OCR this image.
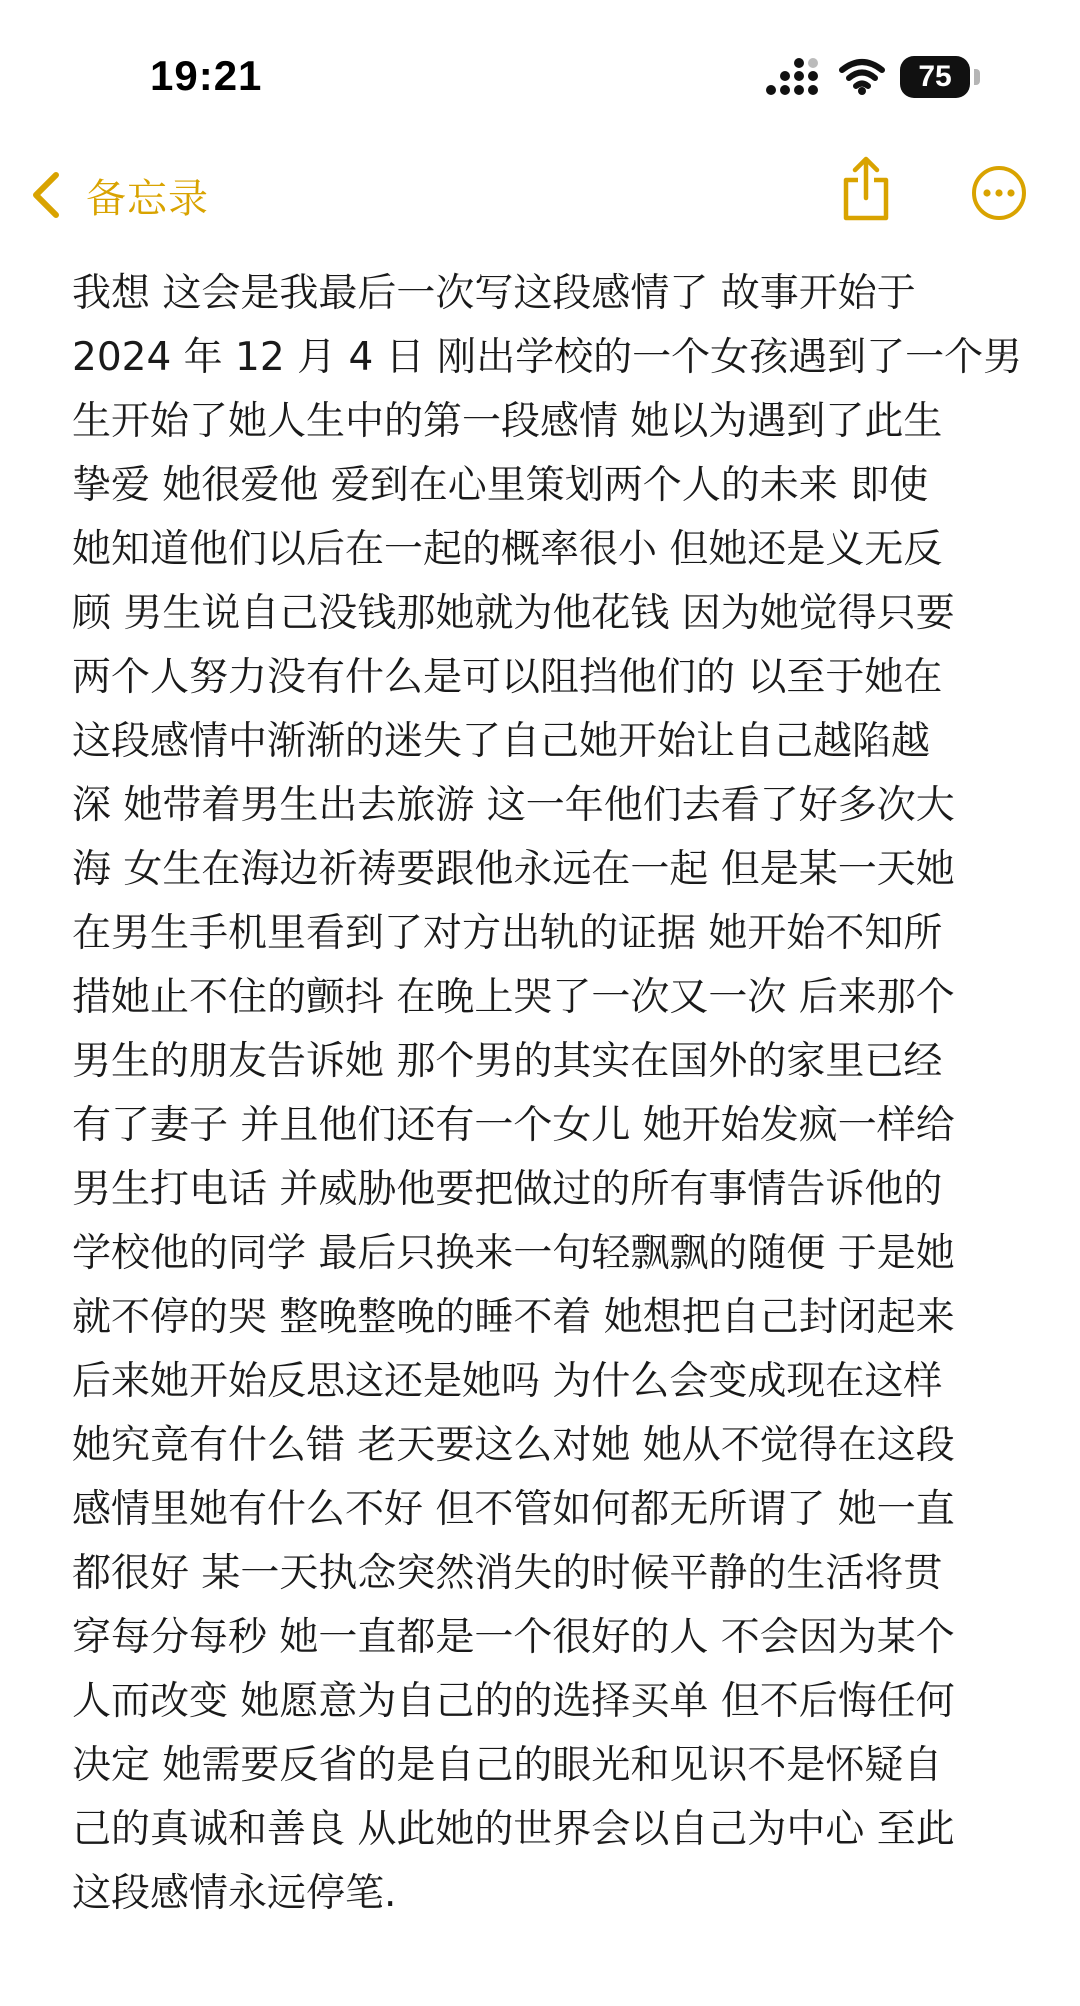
19:21	75
备忘录
我想 这会是我最后一次写这段感情了 故事开始于
2024 年 12 月 4 日 刚出学校的一个女孩遇到了一个男
生开始了她人生中的第一段感情 她以为遇到了此生
挚爱 她很爱他 爱到在心里策划两个人的未来 即使
她知道他们以后在一起的概率很小 但她还是义无反
顾 男生说自己没钱那她就为他花钱 因为她觉得只要
两个人努力没有什么是可以阻挡他们的 以至于她在
这段感情中渐渐的迷失了自己她开始让自己越陷越
深 她带着男生出去旅游 这一年他们去看了好多次大
海 女生在海边祈祷要跟他永远在一起 但是某一天她
在男生手机里看到了对方出轨的证据 她开始不知所
措她止不住的颤抖 在晚上哭了一次又一次 后来那个
男生的朋友告诉她 那个男的其实在国外的家里已经
有了妻子 并且他们还有一个女儿 她开始发疯一样给
男生打电话 并威胁他要把做过的所有事情告诉他的
学校他的同学 最后只换来一句轻飘飘的随便 于是她
就不停的哭 整晚整晚的睡不着 她想把自己封闭起来
后来她开始反思这还是她吗 为什么会变成现在这样
她究竟有什么错 老天要这么对她 她从不觉得在这段
感情里她有什么不好 但不管如何都无所谓了 她一直
都很好 某一天执念突然消失的时候平静的生活将贯
穿每分每秒 她一直都是一个很好的人 不会因为某个
人而改变 她愿意为自己的的选择买单 但不后悔任何
决定 她需要反省的是自己的眼光和见识不是怀疑自
己的真诚和善良 从此她的世界会以自己为中心 至此
这段感情永远停笔.
